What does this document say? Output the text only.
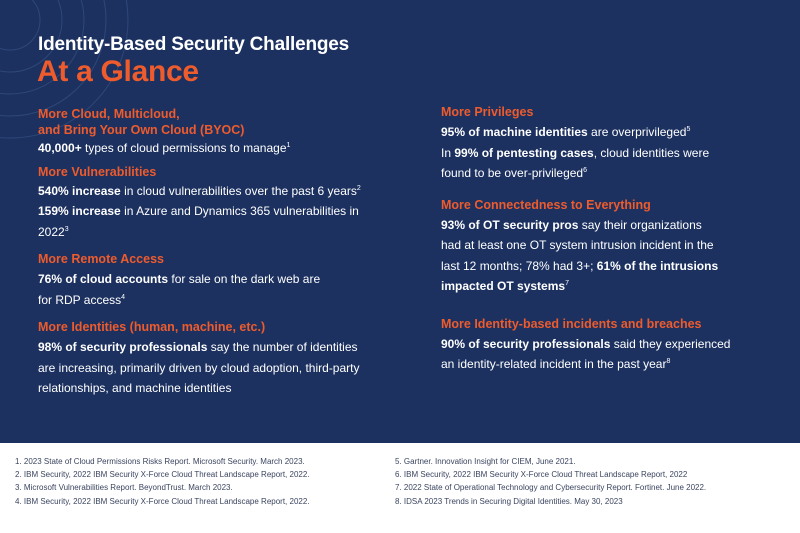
Identity-Based Security Challenges
At a Glance
More Cloud, Multicloud,
and Bring Your Own Cloud (BYOC)
40,000+ types of cloud permissions to manage$^1$
More Vulnerabilities
540% increase in cloud vulnerabilities over the past 6 years$^2$
159% increase in Azure and Dynamics 365 vulnerabilities in
2022$^3$
More Remote Access
76% of cloud accounts for sale on the dark web are
for RDP access$^4$
More Identities (human, machine, etc.)
98% of security professionals say the number of identities
are increasing, primarily driven by cloud adoption, third-party
relationships, and machine identities
More Privileges
95% of machine identities are overprivileged$^5$
In 99% of pentesting cases, cloud identities were
found to be over-privileged$^6$
More Connectedness to Everything
93% of OT security pros say their organizations
had at least one OT system intrusion incident in the
last 12 months; 78% had 3+; 61% of the intrusions
impacted OT systems$^7$
More Identity-based incidents and breaches
90% of security professionals said they experienced
an identity-related incident in the past year$^8$
1. 2023 State of Cloud Permissions Risks Report. Microsoft Security. March 2023.
2. IBM Security, 2022 IBM Security X-Force Cloud Threat Landscape Report, 2022.
3. Microsoft Vulnerabilities Report. BeyondTrust. March 2023.
4. IBM Security, 2022 IBM Security X-Force Cloud Threat Landscape Report, 2022.
5. Gartner. Innovation Insight for CIEM, June 2021.
6. IBM Security, 2022 IBM Security X-Force Cloud Threat Landscape Report, 2022
7. 2022 State of Operational Technology and Cybersecurity Report. Fortinet. June 2022.
8. IDSA 2023 Trends in Securing Digital Identities. May 30, 2023
